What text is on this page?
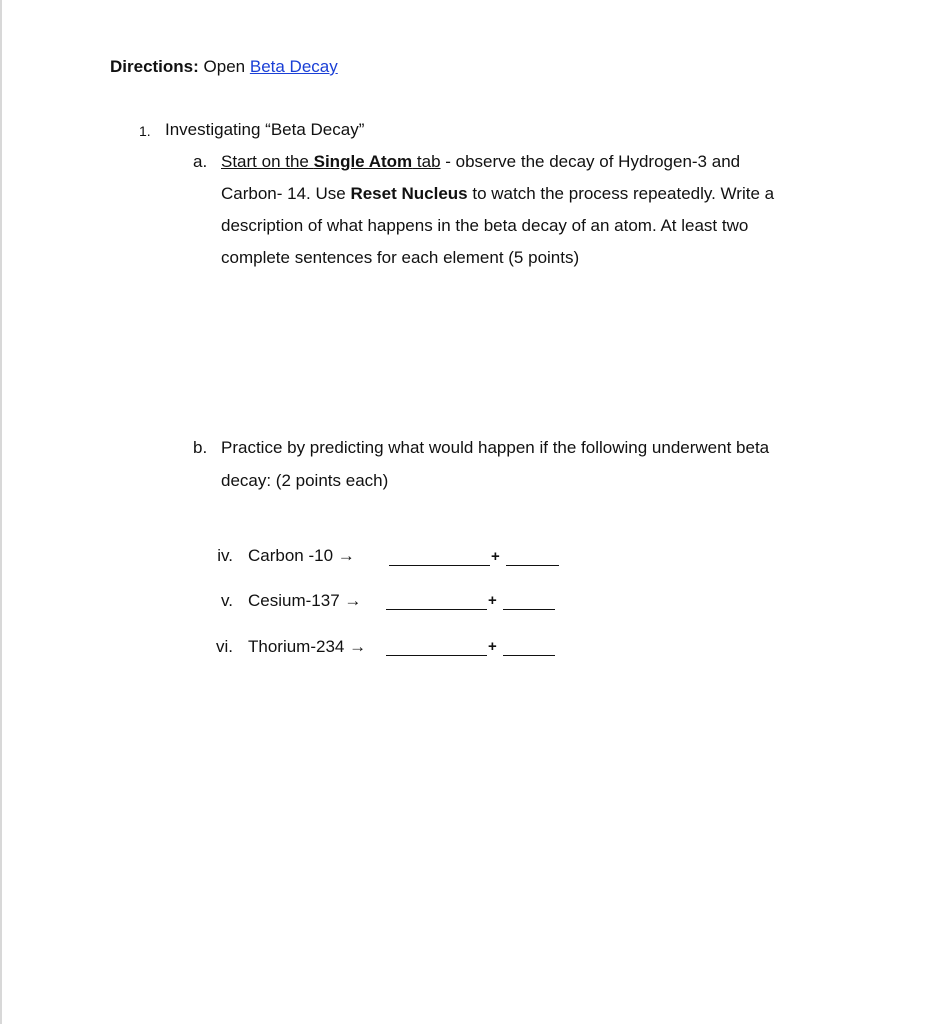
Directions: Open Beta Decay
1. Investigating “Beta Decay”
a. Start on the Single Atom tab - observe the decay of Hydrogen-3 and
Carbon- 14. Use Reset Nucleus to watch the process repeatedly. Write a
description of what happens in the beta decay of an atom. At least two
complete sentences for each element (5 points)
b. Practice by predicting what would happen if the following underwent beta
decay: (2 points each)
iv. Carbon -10 →	+
v. Cesium-137 →	+
vi. Thorium-234 →	+
